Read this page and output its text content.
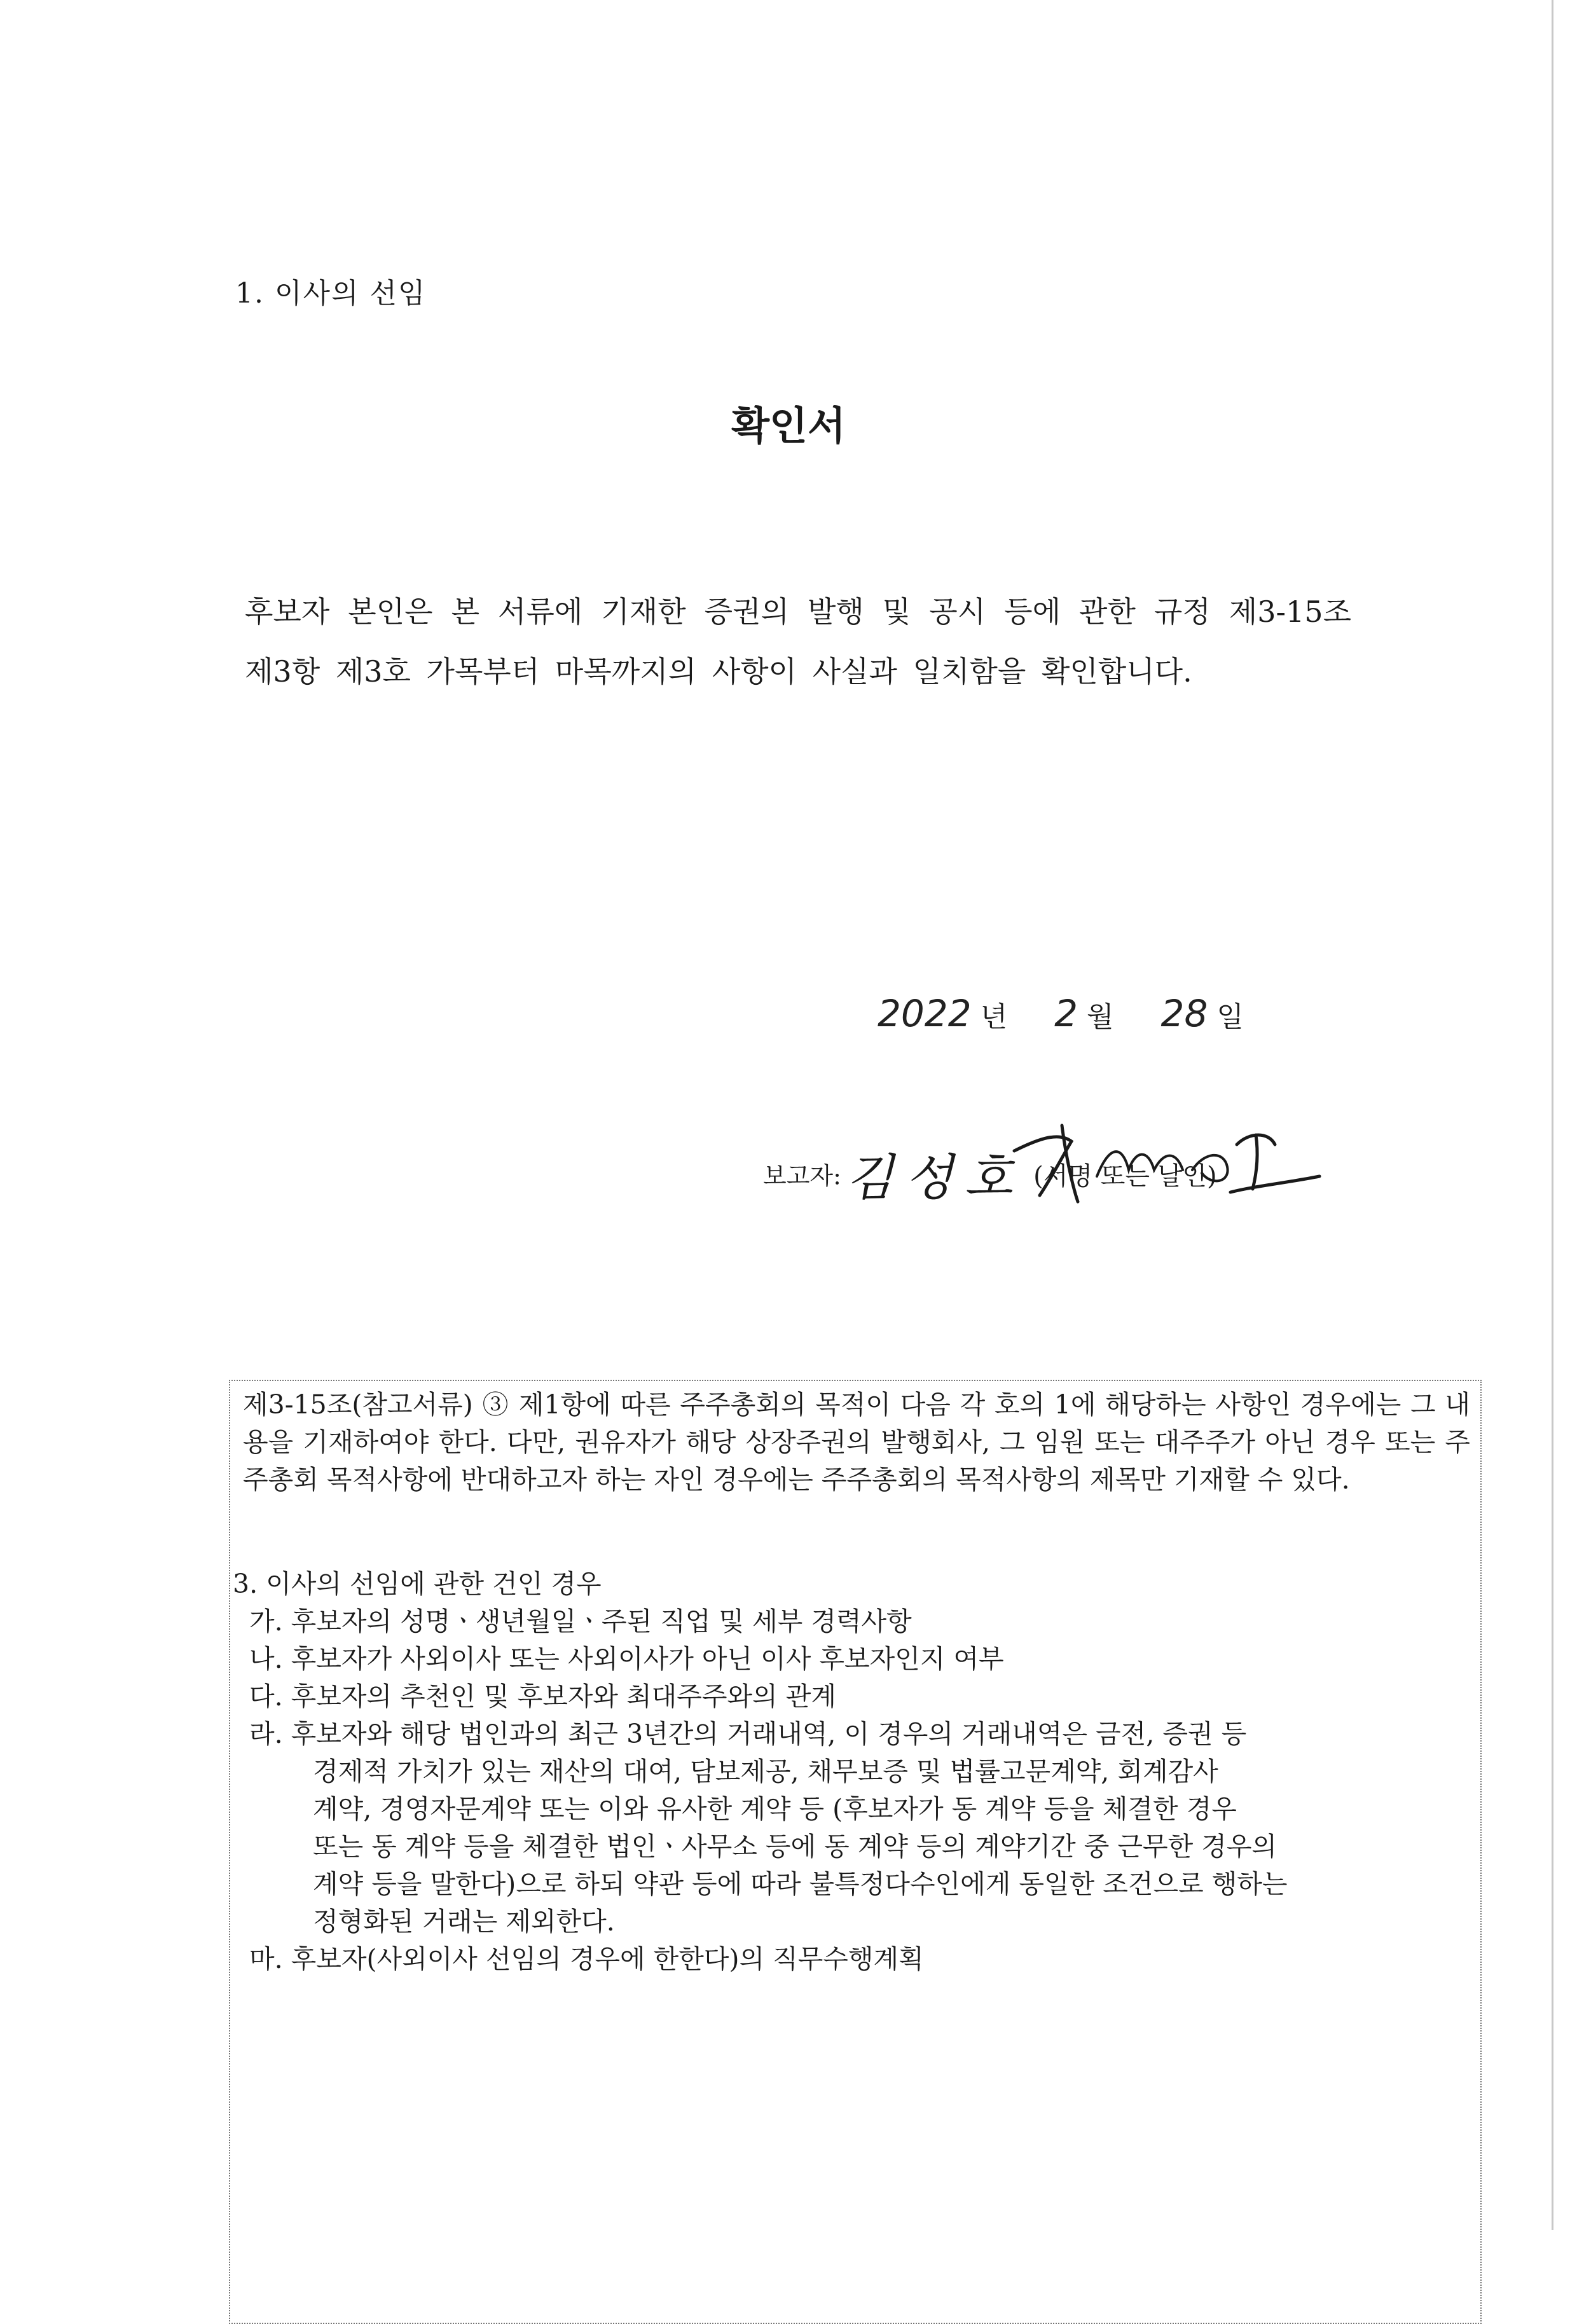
1. 이사의 선임
확인서
후보자 본인은 본 서류에 기재한 증권의 발행 및 공시 등에 관한 규정 제3-15조 제3항 제3호 가목부터 마목까지의 사항이 사실과 일치함을 확인합니다.
2022 년 2 월 28 일
보고자: 김성호 (서명 또는 날인)
제3-15조(참고서류) ③ 제1항에 따른 주주총회의 목적이 다음 각 호의 1에 해당하는 사항인 경우에는 그 내용을 기재하여야 한다. 다만, 권유자가 해당 상장주권의 발행회사, 그 임원 또는 대주주가 아닌 경우 또는 주주총회 목적사항에 반대하고자 하는 자인 경우에는 주주총회의 목적사항의 제목만 기재할 수 있다.
3. 이사의 선임에 관한 건인 경우
가. 후보자의 성명ㆍ생년월일ㆍ주된 직업 및 세부 경력사항
나. 후보자가 사외이사 또는 사외이사가 아닌 이사 후보자인지 여부
다. 후보자의 추천인 및 후보자와 최대주주와의 관계
라. 후보자와 해당 법인과의 최근 3년간의 거래내역, 이 경우의 거래내역은 금전, 증권 등
경제적 가치가 있는 재산의 대여, 담보제공, 채무보증 및 법률고문계약, 회계감사
계약, 경영자문계약 또는 이와 유사한 계약 등 (후보자가 동 계약 등을 체결한 경우
또는 동 계약 등을 체결한 법인ㆍ사무소 등에 동 계약 등의 계약기간 중 근무한 경우의
계약 등을 말한다)으로 하되 약관 등에 따라 불특정다수인에게 동일한 조건으로 행하는
정형화된 거래는 제외한다.
마. 후보자(사외이사 선임의 경우에 한한다)의 직무수행계획
